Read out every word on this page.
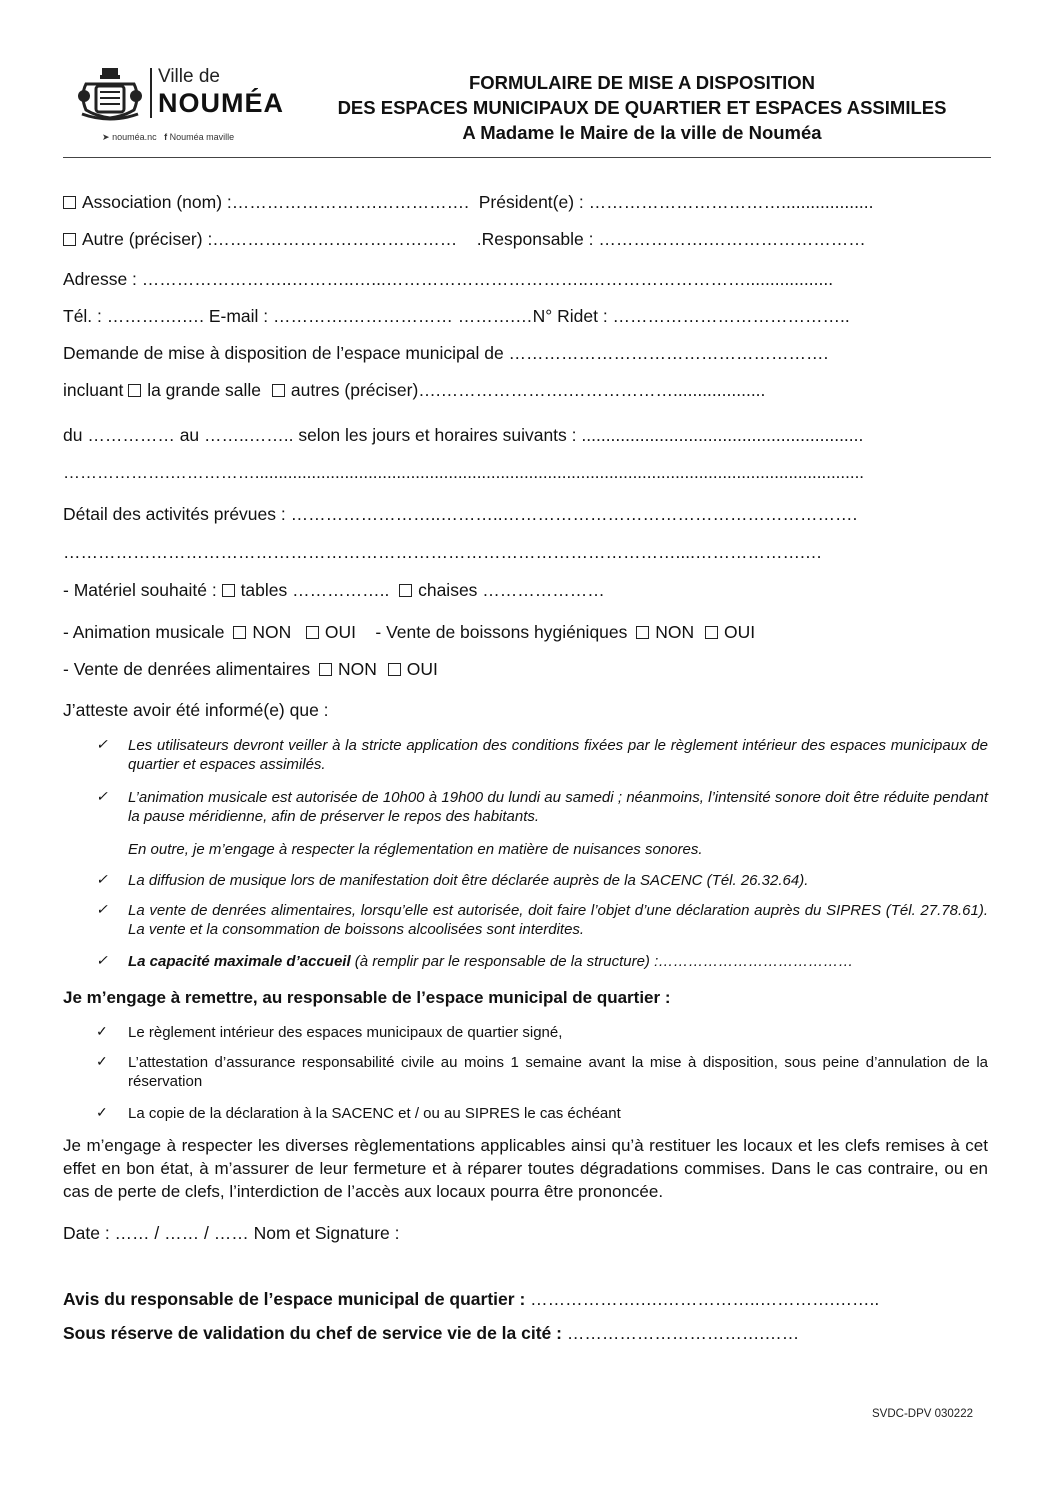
Ville de
NOUMÉA
➤ nouméa.nc f Nouméa maville
FORMULAIRE DE MISE A DISPOSITION
DES ESPACES MUNICIPAUX DE QUARTIER ET ESPACES ASSIMILES
A Madame le Maire de la ville de Nouméa
Association (nom) :…………………….……………. Président(e) : ……………………………...................
Autre (préciser) :…………………………………… .Responsable : ……………….………………………
Adresse : ……………………..………..…...……………………………..………………………..................
Tél. : ………….…. E-mail : ………….……………… ……….…N° Ridet : …………………………………..
Demande de mise à disposition de l’espace municipal de ……………………………………………….
incluant la grande salle autres (préciser)….………………….………………...................
du …………… au ……..…….. selon les jours et horaires suivants : ..........................................................
……………….…………….................................................................................................................................
Détail des activités prévues : ……………………..………..…………………………………………………….
……………………………………………………………………………………………....……………….…
- Matériel souhaité : tables …………….. chaises …………………
- Animation musicale NON OUI - Vente de boissons hygiéniques NON OUI
- Vente de denrées alimentaires NON OUI
J’atteste avoir été informé(e) que :
✓ Les utilisateurs devront veiller à la stricte application des conditions fixées par le règlement intérieur des espaces municipaux de quartier et espaces assimilés.
✓ L’animation musicale est autorisée de 10h00 à 19h00 du lundi au samedi ; néanmoins, l’intensité sonore doit être réduite pendant la pause méridienne, afin de préserver le repos des habitants.
En outre, je m’engage à respecter la réglementation en matière de nuisances sonores.
✓ La diffusion de musique lors de manifestation doit être déclarée auprès de la SACENC (Tél. 26.32.64).
✓ La vente de denrées alimentaires, lorsqu’elle est autorisée, doit faire l’objet d’une déclaration auprès du SIPRES (Tél. 27.78.61). La vente et la consommation de boissons alcoolisées sont interdites.
✓ La capacité maximale d’accueil (à remplir par le responsable de la structure) :…………………………………
Je m’engage à remettre, au responsable de l’espace municipal de quartier :
✓ Le règlement intérieur des espaces municipaux de quartier signé,
✓ L’attestation d’assurance responsabilité civile au moins 1 semaine avant la mise à disposition, sous peine d’annulation de la réservation
✓ La copie de la déclaration à la SACENC et / ou au SIPRES le cas échéant
Je m’engage à respecter les diverses règlementations applicables ainsi qu’à restituer les locaux et les clefs remises à cet effet en bon état, à m’assurer de leur fermeture et à réparer toutes dégradations commises. Dans le cas contraire, ou en cas de perte de clefs, l’interdiction de l’accès aux locaux pourra être prononcée.
Date : …… / …… / …… Nom et Signature :
Avis du responsable de l’espace municipal de quartier : ……………….….……………..………….……..
Sous réserve de validation du chef de service vie de la cité : …………………………….……
SVDC-DPV 030222
